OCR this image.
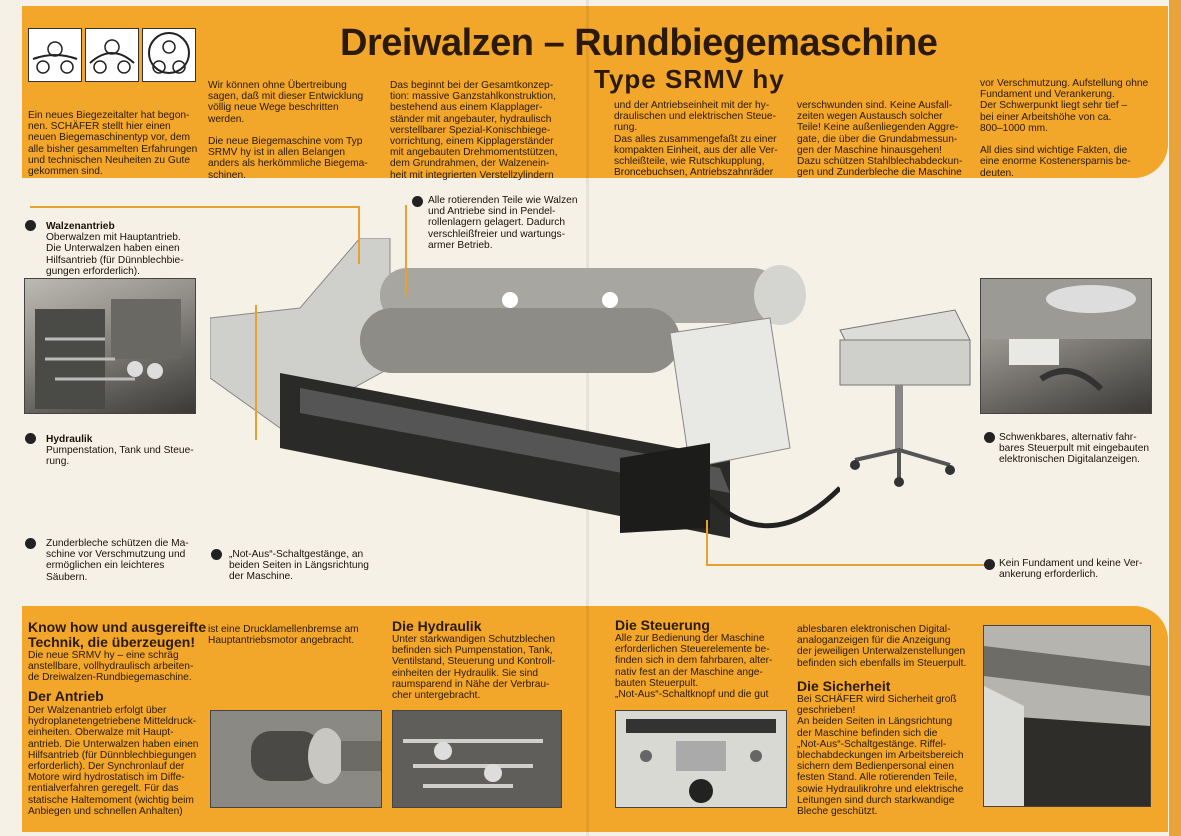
Dreiwalzen – Rundbiegemaschine
Type SRMV hy
Ein neues Biegezeitalter hat begon-
nen. SCHÄFER stellt hier einen
neuen Biegemaschinentyp vor, dem
alle bisher gesammelten Erfahrungen
und technischen Neuheiten zu Gute
gekommen sind.
Wir können ohne Übertreibung
sagen, daß mit dieser Entwicklung
völlig neue Wege beschritten
werden.

Die neue Biegemaschine vom Typ
SRMV hy ist in allen Belangen
anders als herkömmliche Biegema-
schinen.
Das beginnt bei der Gesamtkonzep-
tion: massive Ganzstahlkonstruktion,
bestehend aus einem Klapplager-
ständer mit angebauter, hydraulisch
verstellbarer Spezial-Konischbiege-
vorrichtung, einem Kipplagerständer
mit angebauten Drehmomentstützen,
dem Grundrahmen, der Walzenein-
heit mit integrierten Verstellzylindern
und der Antriebseinheit mit der hy-
draulischen und elektrischen Steue-
rung.
Das alles zusammengefaßt zu einer
kompakten Einheit, aus der alle Ver-
schleißteile, wie Rutschkupplung,
Broncebuchsen, Antriebszahnräder
verschwunden sind. Keine Ausfall-
zeiten wegen Austausch solcher
Teile! Keine außenliegenden Aggre-
gate, die über die Grundabmessun-
gen der Maschine hinausgehen!
Dazu schützen Stahlblechabdeckun-
gen und Zunderbleche die Maschine
vor Verschmutzung. Aufstellung ohne
Fundament und Verankerung.
Der Schwerpunkt liegt sehr tief –
bei einer Arbeitshöhe von ca.
800–1000 mm.

All dies sind wichtige Fakten, die
eine enorme Kostenersparnis be-
deuten.
Walzenantrieb
Oberwalzen mit Hauptantrieb.
Die Unterwalzen haben einen
Hilfsantrieb (für Dünnblechbie-
gungen erforderlich).
Alle rotierenden Teile wie Walzen
und Antriebe sind in Pendel-
rollenlagern gelagert. Dadurch
verschleißfreier und wartungs-
armer Betrieb.
Hydraulik
Pumpenstation, Tank und Steue-
rung.
Zunderbleche schützen die Ma-
schine vor Verschmutzung und
ermöglichen ein leichteres
Säubern.
„Not-Aus“-Schaltgestänge, an
beiden Seiten in Längsrichtung
der Maschine.
Schwenkbares, alternativ fahr-
bares Steuerpult mit eingebauten
elektronischen Digitalanzeigen.
Kein Fundament und keine Ver-
ankerung erforderlich.
Know how und ausgereifte
Technik, die überzeugen!
Die neue SRMV hy – eine schräg
anstellbare, vollhydraulisch arbeiten-
de Dreiwalzen-Rundbiegemaschine.
Der Antrieb
Der Walzenantrieb erfolgt über
hydroplanetengetriebene Mitteldruck-
einheiten. Oberwalze mit Haupt-
antrieb. Die Unterwalzen haben einen
Hilfsantrieb (für Dünnblechbiegungen
erforderlich). Der Synchronlauf der
Motore wird hydrostatisch im Diffe-
rentialverfahren geregelt. Für das
statische Haltemoment (wichtig beim
Anbiegen und schnellen Anhalten)
ist eine Drucklamellenbremse am
Hauptantriebsmotor angebracht.
Die Hydraulik
Unter starkwandigen Schutzblechen
befinden sich Pumpenstation, Tank,
Ventilstand, Steuerung und Kontroll-
einheiten der Hydraulik. Sie sind
raumsparend in Nähe der Verbrau-
cher untergebracht.
Die Steuerung
Alle zur Bedienung der Maschine
erforderlichen Steuerelemente be-
finden sich in dem fahrbaren, alter-
nativ fest an der Maschine ange-
bauten Steuerpult.
„Not-Aus“-Schaltknopf und die gut
ablesbaren elektronischen Digital-
analoganzeigen für die Anzeigung
der jeweiligen Unterwalzenstellungen
befinden sich ebenfalls im Steuerpult.
Die Sicherheit
Bei SCHÄFER wird Sicherheit groß
geschrieben!
An beiden Seiten in Längsrichtung
der Maschine befinden sich die
„Not-Aus“-Schaltgestänge. Riffel-
blechabdeckungen im Arbeitsbereich
sichern dem Bedienpersonal einen
festen Stand. Alle rotierenden Teile,
sowie Hydraulikrohre und elektrische
Leitungen sind durch starkwandige
Bleche geschützt.
